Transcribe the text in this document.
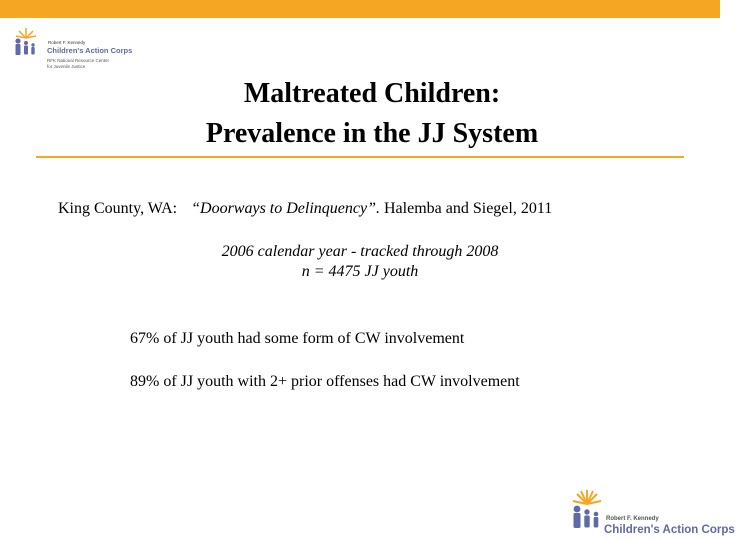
Robert F. Kennedy
Children's Action Corps
RFK National Resource Center
for Juvenile Justice
Maltreated Children:
Prevalence in the JJ System
King County, WA: “Doorways to Delinquency”. Halemba and Siegel, 2011
2006 calendar year - tracked through 2008
n = 4475 JJ youth
67% of JJ youth had some form of CW involvement
89% of JJ youth with 2+ prior offenses had CW involvement
Robert F. Kennedy
Children's Action Corps
